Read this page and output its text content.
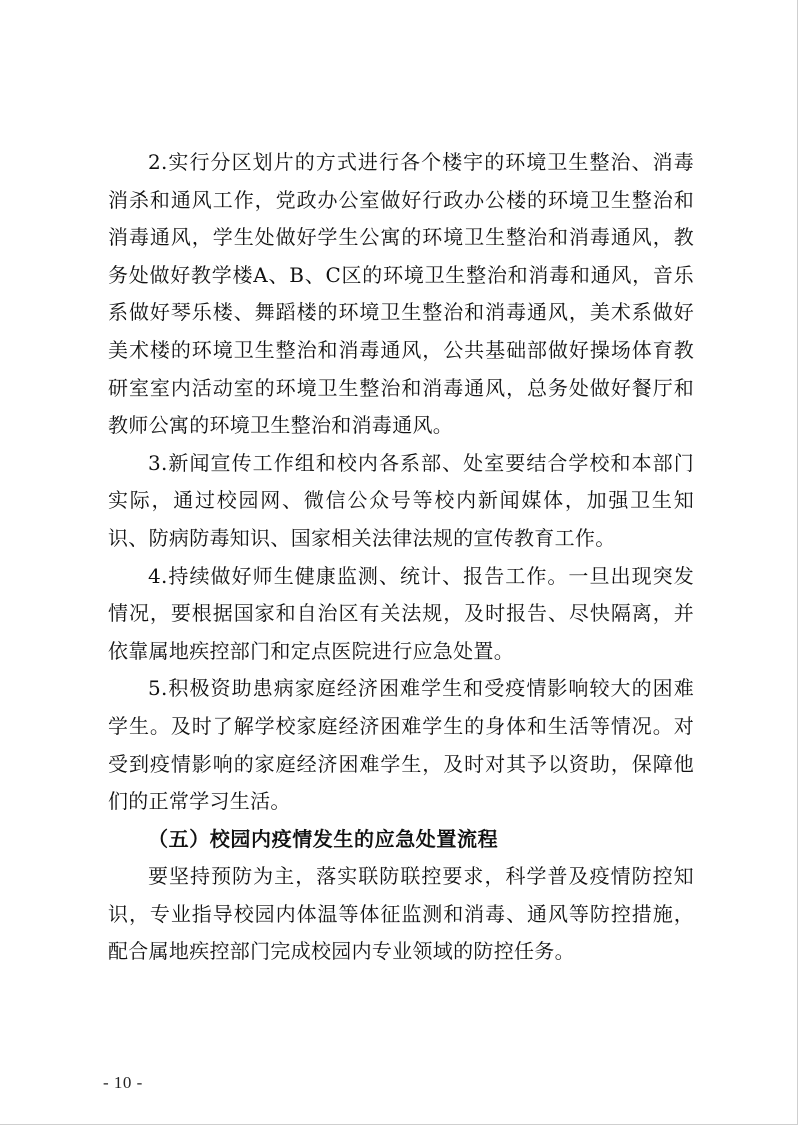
2.实行分区划片的方式进行各个楼宇的环境卫生整治、消毒消杀和通风工作，党政办公室做好行政办公楼的环境卫生整治和消毒通风，学生处做好学生公寓的环境卫生整治和消毒通风，教务处做好教学楼A、B、C区的环境卫生整治和消毒和通风，音乐系做好琴乐楼、舞蹈楼的环境卫生整治和消毒通风，美术系做好美术楼的环境卫生整治和消毒通风，公共基础部做好操场体育教研室室内活动室的环境卫生整治和消毒通风，总务处做好餐厅和教师公寓的环境卫生整治和消毒通风。

3.新闻宣传工作组和校内各系部、处室要结合学校和本部门实际，通过校园网、微信公众号等校内新闻媒体，加强卫生知识、防病防毒知识、国家相关法律法规的宣传教育工作。

4.持续做好师生健康监测、统计、报告工作。一旦出现突发情况，要根据国家和自治区有关法规，及时报告、尽快隔离，并依靠属地疾控部门和定点医院进行应急处置。

5.积极资助患病家庭经济困难学生和受疫情影响较大的困难学生。及时了解学校家庭经济困难学生的身体和生活等情况。对受到疫情影响的家庭经济困难学生，及时对其予以资助，保障他们的正常学习生活。

（五）校园内疫情发生的应急处置流程

要坚持预防为主，落实联防联控要求，科学普及疫情防控知识，专业指导校园内体温等体征监测和消毒、通风等防控措施，配合属地疾控部门完成校园内专业领域的防控任务。

- 10 -
